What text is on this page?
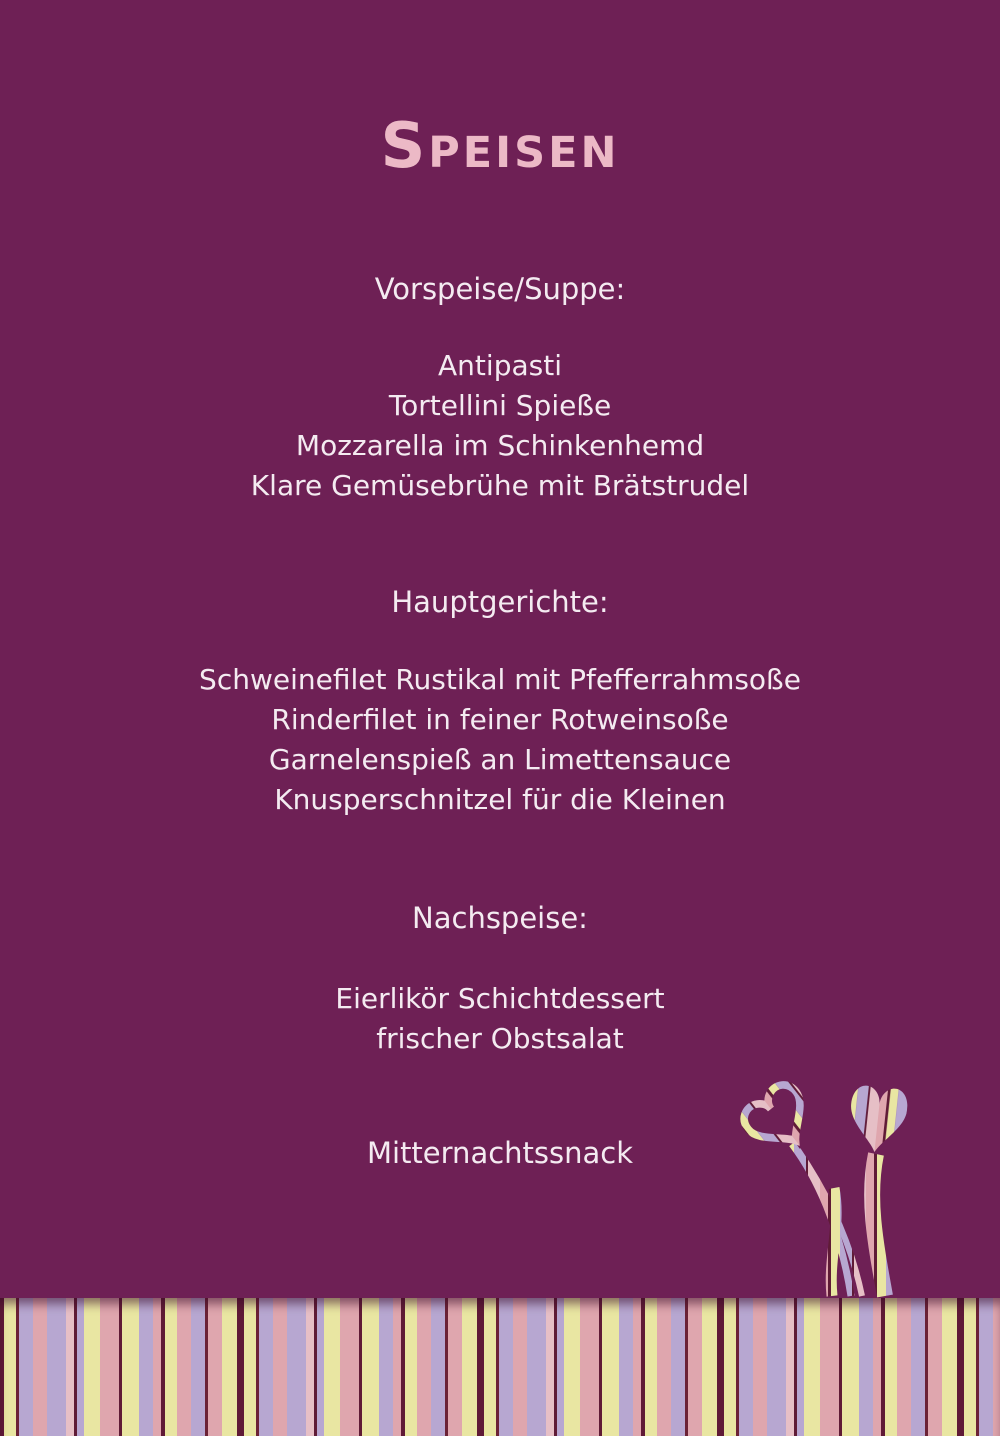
Speisen
Vorspeise/Suppe:
Antipasti
Tortellini Spieße
Mozzarella im Schinkenhemd
Klare Gemüsebrühe mit Brätstrudel
Hauptgerichte:
Schweinefilet Rustikal mit Pfefferrahmsoße
Rinderfilet in feiner Rotweinsoße
Garnelenspieß an Limettensauce
Knusperschnitzel für die Kleinen
Nachspeise:
Eierlikör Schichtdessert
frischer Obstsalat
Mitternachtssnack
